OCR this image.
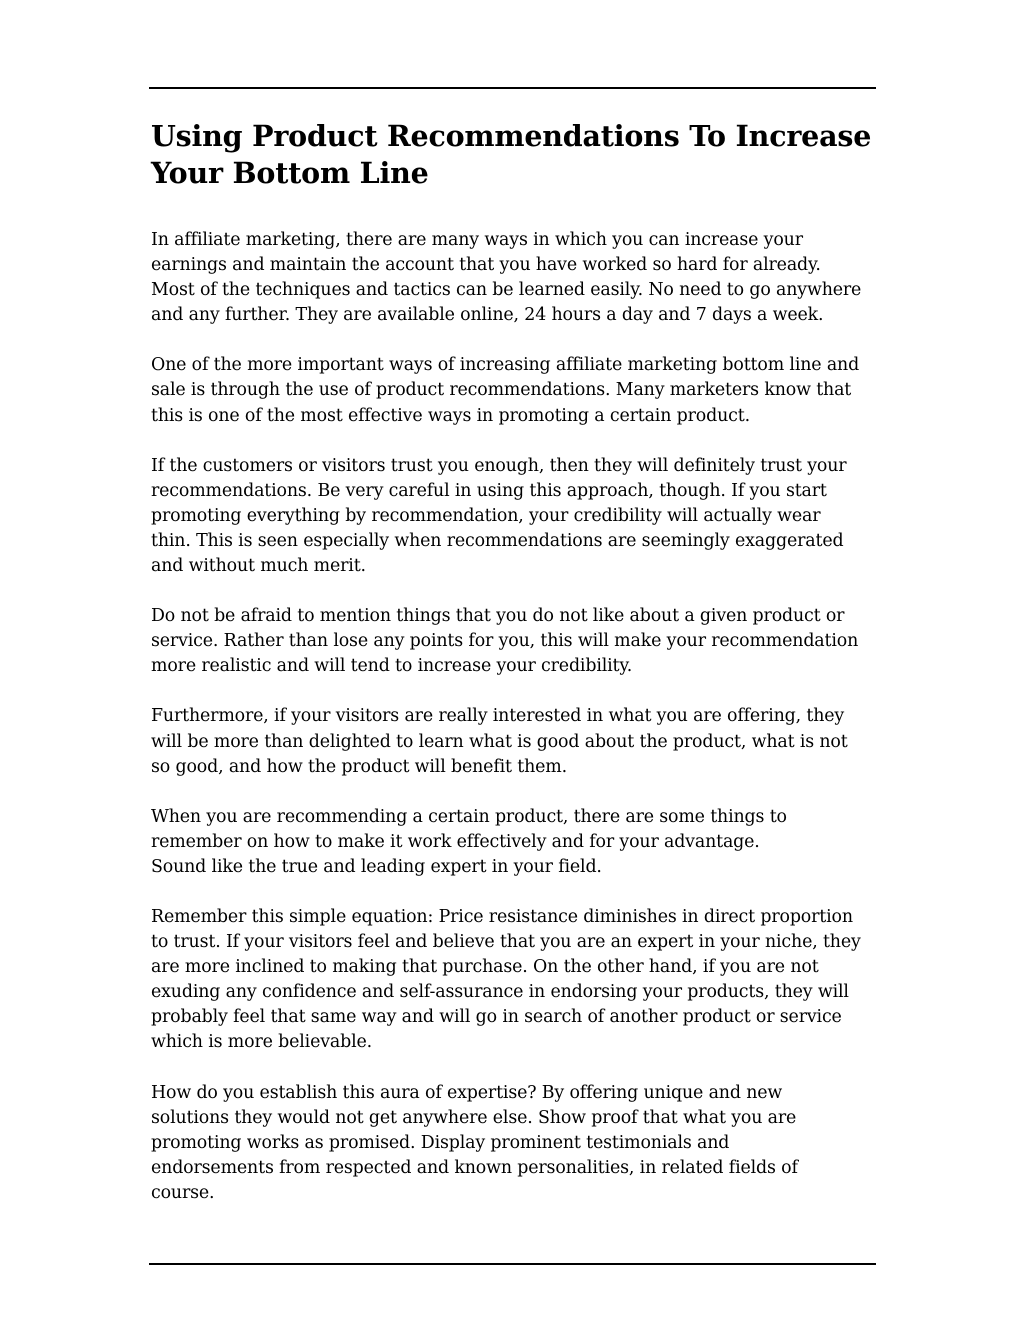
Using Product Recommendations To Increase
Your Bottom Line

In affiliate marketing, there are many ways in which you can increase your
earnings and maintain the account that you have worked so hard for already.
Most of the techniques and tactics can be learned easily. No need to go anywhere
and any further. They are available online, 24 hours a day and 7 days a week.

One of the more important ways of increasing affiliate marketing bottom line and
sale is through the use of product recommendations. Many marketers know that
this is one of the most effective ways in promoting a certain product.

If the customers or visitors trust you enough, then they will definitely trust your
recommendations. Be very careful in using this approach, though. If you start
promoting everything by recommendation, your credibility will actually wear
thin. This is seen especially when recommendations are seemingly exaggerated
and without much merit.

Do not be afraid to mention things that you do not like about a given product or
service. Rather than lose any points for you, this will make your recommendation
more realistic and will tend to increase your credibility.

Furthermore, if your visitors are really interested in what you are offering, they
will be more than delighted to learn what is good about the product, what is not
so good, and how the product will benefit them.

When you are recommending a certain product, there are some things to
remember on how to make it work effectively and for your advantage.
Sound like the true and leading expert in your field.

Remember this simple equation: Price resistance diminishes in direct proportion
to trust. If your visitors feel and believe that you are an expert in your niche, they
are more inclined to making that purchase. On the other hand, if you are not
exuding any confidence and self-assurance in endorsing your products, they will
probably feel that same way and will go in search of another product or service
which is more believable.

How do you establish this aura of expertise? By offering unique and new
solutions they would not get anywhere else. Show proof that what you are
promoting works as promised. Display prominent testimonials and
endorsements from respected and known personalities, in related fields of
course.
